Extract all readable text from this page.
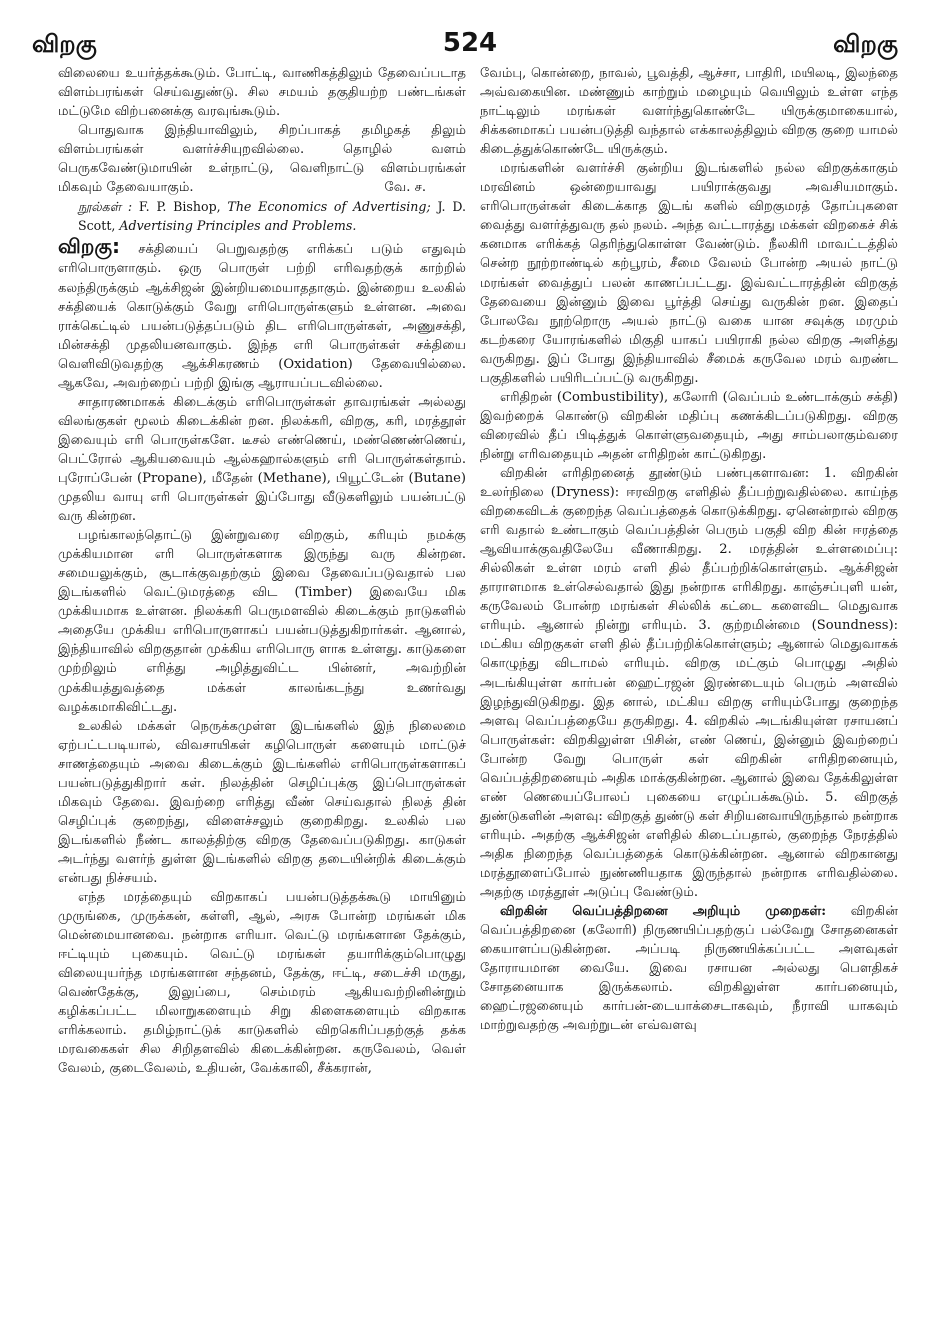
விறகு	524	விறகு

விலையை உயர்த்தக்கூடும். போட்டி, வாணிகத்திலும் தேவைப்படாத விளம்பரங்கள் செய்வதுண்டு. சில சமயம் தகுதியற்ற பண்டங்கள் மட்டுமே விற்பனைக்கு வரவுங்கூடும்.

பொதுவாக இந்தியாவிலும், சிறப்பாகத் தமிழகத் திலும் விளம்பரங்கள் வளர்ச்சியுறவில்லை. தொழில் வளம் பெருகவேண்டுமாயின் உள்நாட்டு, வெளிநாட்டு விளம்பரங்கள் மிகவும் தேவையாகும்.	வே. ச.

நூல்கள் : F. P. Bishop, The Economics of Advertising; J. D. Scott, Advertising Principles and Problems.

விறகு: சக்தியைப் பெறுவதற்கு எரிக்கப் படும் எதுவும் எரிபொருளாகும். ஒரு பொருள் பற்றி எரிவதற்குக் காற்றில் கலந்திருக்கும் ஆக்சிஜன் இன்றியமையாததாகும். இன்றைய உலகில் சக்தியைக் கொடுக்கும் வேறு எரிபொருள்களும் உள்ளன. அவை ராக்கெட்டில் பயன்படுத்தப்படும் திட எரிபொருள்கள், அணுசக்தி, மின்சக்தி முதலியனவாகும். இந்த எரி பொருள்கள் சக்தியை வெளிவிடுவதற்கு ஆக்சிகரணம் (Oxidation) தேவையில்லை. ஆகவே, அவற்றைப் பற்றி இங்கு ஆராயப்படவில்லை.

சாதாரணமாகக் கிடைக்கும் எரிபொருள்கள் தாவரங்கள் அல்லது விலங்குகள் மூலம் கிடைக்கின் றன. நிலக்கரி, விறகு, கரி, மரத்தூள் இவையும் எரி பொருள்களே. டீசல் எண்ணெய், மண்ணெண்ணெய், பெட்ரோல் ஆகியவையும் ஆல்கஹால்களும் எரி பொருள்கள்தாம். புரோப்பேன் (Propane), மீதேன் (Methane), பியூட்டேன் (Butane) முதலிய வாயு எரி பொருள்கள் இப்போது வீடுகளிலும் பயன்பட்டு வரு கின்றன.

பழங்காலந்தொட்டு இன்றுவரை விறகும், கரியும் நமக்கு முக்கியமான எரி பொருள்களாக இருந்து வரு கின்றன. சமையலுக்கும், சூடாக்குவதற்கும் இவை தேவைப்படுவதால் பல இடங்களில் வெட்டுமரத்தை விட (Timber) இவையே மிக முக்கியமாக உள்ளன. நிலக்கரி பெருமளவில் கிடைக்கும் நாடுகளில் அதையே முக்கிய எரிபொருளாகப் பயன்படுத்துகிறார்கள். ஆனால், இந்தியாவில் விறகுதான் முக்கிய எரிபொரு ளாக உள்ளது. காடுகளை முற்றிலும் எரித்து அழித்துவிட்ட பின்னர், அவற்றின் முக்கியத்துவத்தை மக்கள் காலங்கடந்து உணர்வது வழக்கமாகிவிட்டது.

உலகில் மக்கள் நெருக்கமுள்ள இடங்களில் இந் நிலைமை ஏற்பட்டபடியால், விவசாயிகள் கழிபொருள் களையும் மாட்டுச் சாணத்தையும் அவை கிடைக்கும் இடங்களில் எரிபொருள்களாகப் பயன்படுத்துகிறார் கள். நிலத்தின் செழிப்புக்கு இப்பொருள்கள் மிகவும் தேவை. இவற்றை எரித்து வீண் செய்வதால் நிலத் தின் செழிப்புக் குறைந்து, விளைச்சலும் குறைகிறது. உலகில் பல இடங்களில் நீண்ட காலத்திற்கு விறகு தேவைப்படுகிறது. காடுகள் அடர்ந்து வளர்ந் துள்ள இடங்களில் விறகு தடையின்றிக் கிடைக்கும் என்பது நிச்சயம்.

எந்த மரத்தையும் விறகாகப் பயன்படுத்தக்கூடு மாயினும் முருங்கை, முருக்கன், கள்ளி, ஆல், அரசு போன்ற மரங்கள் மிக மென்மையானவை. நன்றாக எரியா. வெட்டு மரங்களான தேக்கும், ஈட்டியும் புகையும். வெட்டு மரங்கள் தயாரிக்கும்பொழுது விலையுயர்ந்த மரங்களான சந்தனம், தேக்கு, ஈட்டி, சடைச்சி மருது, வெண்தேக்கு, இலுப்பை, செம்மரம் ஆகியவற்றினின்றும் கழிக்கப்பட்ட மிலாறுகளையும் சிறு கிளைகளையும் விறகாக எரிக்கலாம். தமிழ்நாட்டுக் காடுகளில் விறகெரிப்பதற்குத் தக்க மரவகைகள் சில சிறிதளவில் கிடைக்கின்றன. கருவேலம், வெள் வேலம், குடைவேலம், உதியன், வேக்காலி, சீக்கரான்,

வேம்பு, கொன்றை, நாவல், பூவத்தி, ஆச்சா, பாதிரி, மயிலடி, இலந்தை அவ்வகையின. மண்ணும் காற்றும் மழையும் வெயிலும் உள்ள எந்த நாட்டிலும் மரங்கள் வளர்ந்துகொண்டே யிருக்குமாகையால், சிக்கனமாகப் பயன்படுத்தி வந்தால் எக்காலத்திலும் விறகு குறை யாமல் கிடைத்துக்கொண்டே யிருக்கும்.

மரங்களின் வளர்ச்சி குன்றிய இடங்களில் நல்ல விறகுக்காகும் மரவினம் ஒன்றையாவது பயிராக்குவது அவசியமாகும். எரிபொருள்கள் கிடைக்காத இடங் களில் விறகுமரத் தோப்புகளை வைத்து வளர்த்துவரு தல் நலம். அந்த வட்டாரத்து மக்கள் விறகைச் சிக் கனமாக எரிக்கத் தெரிந்துகொள்ள வேண்டும். நீலகிரி மாவட்டத்தில் சென்ற நூற்றாண்டில் கற்பூரம், சீமை வேலம் போன்ற அயல் நாட்டு மரங்கள் வைத்துப் பலன் காணப்பட்டது. இவ்வட்டாரத்தின் விறகுத் தேவையை இன்னும் இவை பூர்த்தி செய்து வருகின் றன. இதைப் போலவே நூற்றொரு அயல் நாட்டு வகை யான சவுக்கு மரமும் கடற்கரை யோரங்களில் மிகுதி யாகப் பயிராகி நல்ல விறகு அளித்து வருகிறது. இப் போது இந்தியாவில் சீமைக் கருவேல மரம் வறண்ட பகுதிகளில் பயிரிடப்பட்டு வருகிறது.

எரிதிறன் (Combustibility), கலோரி (வெப்பம் உண்டாக்கும் சக்தி) இவற்றைக் கொண்டு விறகின் மதிப்பு கணக்கிடப்படுகிறது. விறகு விரைவில் தீப் பிடித்துக் கொள்ளுவதையும், அது சாம்பலாகும்வரை நின்று எரிவதையும் அதன் எரிதிறன் காட்டுகிறது.

விறகின் எரிதிறனைத் தூண்டும் பண்புகளாவன: 1. விறகின் உலர்நிலை (Dryness): ஈரவிறகு எளிதில் தீப்பற்றுவதில்லை. காய்ந்த விறகைவிடக் குறைந்த வெப்பத்தைக் கொடுக்கிறது. ஏனென்றால் விறகு எரி வதால் உண்டாகும் வெப்பத்தின் பெரும் பகுதி விற கின் ஈரத்தை ஆவியாக்குவதிலேயே வீணாகிறது. 2. மரத்தின் உள்ளமைப்பு: சில்லிகள் உள்ள மரம் எளி தில் தீப்பற்றிக்கொள்ளும். ஆக்சிஜன் தாராளமாக உள்செல்வதால் இது நன்றாக எரிகிறது. காஞ்சப்புளி யன், கருவேலம் போன்ற மரங்கள் சில்லிக் கட்டை களைவிட மெதுவாக எரியும். ஆனால் நின்று எரியும். 3. குற்றமின்மை (Soundness): மட்கிய விறகுகள் எளி தில் தீப்பற்றிக்கொள்ளும்; ஆனால் மெதுவாகக் கொழுந்து விடாமல் எரியும். விறகு மட்கும் பொழுது அதில் அடங்கியுள்ள கார்பன் ஹைட்ரஜன் இரண்டையும் பெரும் அளவில் இழந்துவிடுகிறது. இத னால், மட்கிய விறகு எரியும்போது குறைந்த அளவு வெப்பத்தையே தருகிறது. 4. விறகில் அடங்கியுள்ள ரசாயனப் பொருள்கள்: விறகிலுள்ள பிசின், எண் ணெய், இன்னும் இவற்றைப் போன்ற வேறு பொருள் கள் விறகின் எரிதிறனையும், வெப்பத்திறனையும் அதிக மாக்குகின்றன. ஆனால் இவை தேக்கிலுள்ள எண் ணெயைப்போலப் புகையை எழுப்பக்கூடும். 5. விறகுத் துண்டுகளின் அளவு: விறகுத் துண்டு கள் சிறியனவாயிருந்தால் நன்றாக எரியும். அதற்கு ஆக்சிஜன் எளிதில் கிடைப்பதால், குறைந்த நேரத்தில் அதிக நிறைந்த வெப்பத்தைக் கொடுக்கின்றன. ஆனால் விறகானது மரத்தூளைப்போல் நுண்ணியதாக இருந்தால் நன்றாக எரிவதில்லை. அதற்கு மரத்தூள் அடுப்பு வேண்டும்.

விறகின் வெப்பத்திறனை அறியும் முறைகள்: விறகின் வெப்பத்திறனை (கலோரி) நிருணயிப்பதற்குப் பல்வேறு சோதனைகள் கையாளப்படுகின்றன. அப்படி நிருணயிக்கப்பட்ட அளவுகள் தோராயமான வையே. இவை ரசாயன அல்லது பௌதிகச் சோதனையாக இருக்கலாம். விறகிலுள்ள கார்பனையும், ஹைட்ரஜனையும் கார்பன்-டையாக்சைடாகவும், நீராவி யாகவும் மாற்றுவதற்கு அவற்றுடன் எவ்வளவு
